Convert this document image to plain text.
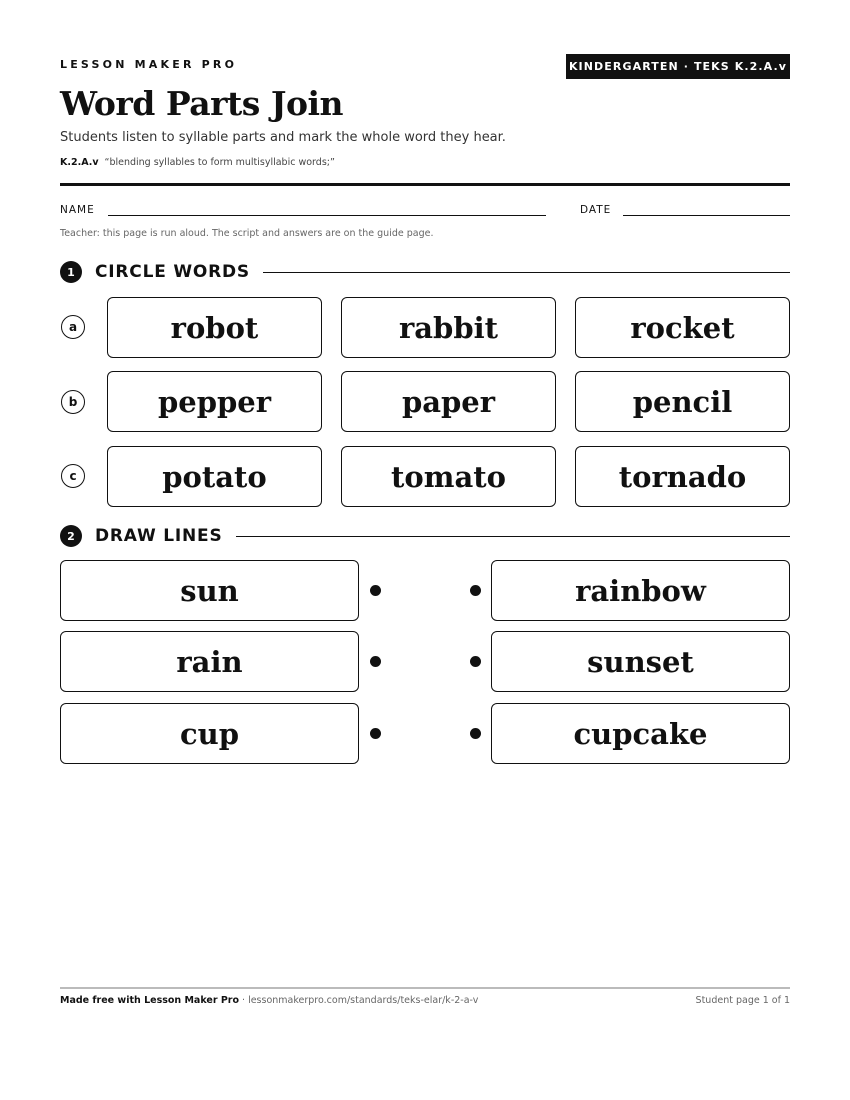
LESSON MAKER PRO	KINDERGARTEN · TEKS K.2.A.v
Word Parts Join
Students listen to syllable parts and mark the whole word they hear.
K.2.A.v “blending syllables to form multisyllabic words;”
NAME	DATE
Teacher: this page is run aloud. The script and answers are on the guide page.
1	CIRCLE WORDS
a	robot	rabbit	rocket
b	pepper	paper	pencil
c	potato	tomato	tornado
2	DRAW LINES
sun	rainbow
rain	sunset
cup	cupcake
Made free with Lesson Maker Pro · lessonmakerpro.com/standards/teks-elar/k-2-a-v	Student page 1 of 1
